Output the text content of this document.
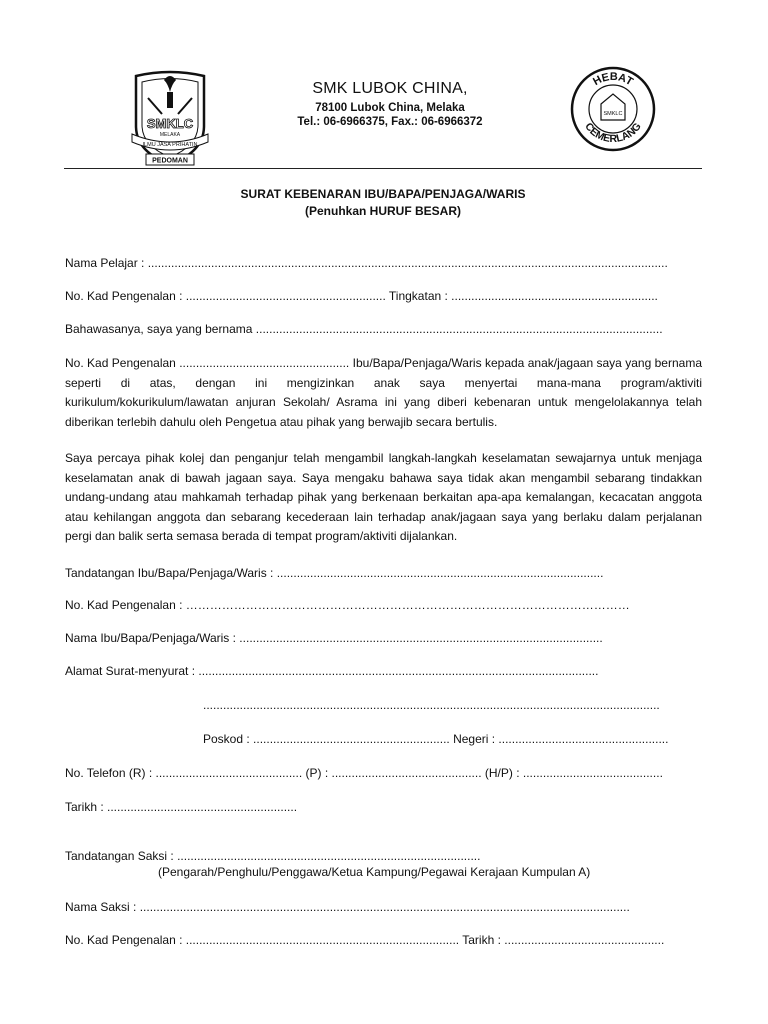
SMKLC
MELAKA
ILMU JASA PRIHATIN
PEDOMAN
SMK LUBOK CHINA,
78100 Lubok China, Melaka
Tel.: 06-6966375, Fax.: 06-6966372
HEBAT
CEMERLANG
SMKLC
SURAT KEBENARAN IBU/BAPA/PENJAGA/WARIS
(Penuhkan HURUF BESAR)
Nama Pelajar : ............................................................................................................................................................
No. Kad Pengenalan : ............................................................ Tingkatan : ..............................................................
Bahawasanya, saya yang bernama ..........................................................................................................................
No. Kad Pengenalan ................................................... Ibu/Bapa/Penjaga/Waris kepada anak/jagaan saya yang bernama seperti di atas, dengan ini mengizinkan anak saya menyertai mana-mana program/aktiviti kurikulum/kokurikulum/lawatan anjuran Sekolah/ Asrama ini yang diberi kebenaran untuk mengelolakannya telah diberikan terlebih dahulu oleh Pengetua atau pihak yang berwajib secara bertulis.
Saya percaya pihak kolej dan penganjur telah mengambil langkah-langkah keselamatan sewajarnya untuk menjaga keselamatan anak di bawah jagaan saya. Saya mengaku bahawa saya tidak akan mengambil sebarang tindakkan undang-undang atau mahkamah terhadap pihak yang berkenaan berkaitan apa-apa kemalangan, kecacatan anggota atau kehilangan anggota dan sebarang kecederaan lain terhadap anak/jagaan saya yang berlaku dalam perjalanan pergi dan balik serta semasa berada di tempat program/aktiviti dijalankan.
Tandatangan Ibu/Bapa/Penjaga/Waris : ..................................................................................................
No. Kad Pengenalan : …………………………………………………………………………………………………
Nama Ibu/Bapa/Penjaga/Waris : .............................................................................................................
Alamat Surat-menyurat : ........................................................................................................................
.........................................................................................................................................
Poskod : ........................................................... Negeri : ...................................................
No. Telefon (R) : ............................................ (P) : ............................................. (H/P) : ..........................................
Tarikh : .........................................................
Tandatangan Saksi : ...........................................................................................
(Pengarah/Penghulu/Penggawa/Ketua Kampung/Pegawai Kerajaan Kumpulan A)
Nama Saksi : ...................................................................................................................................................
No. Kad Pengenalan : .................................................................................. Tarikh : ................................................
